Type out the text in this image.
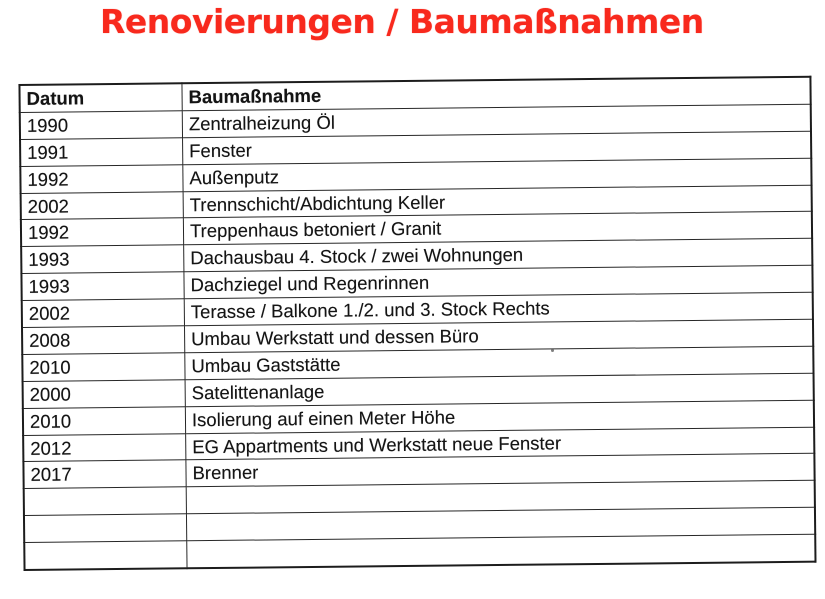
Renovierungen / Baumaßnahmen
Datum	Baumaßnahme
1990	Zentralheizung Öl
1991	Fenster
1992	Außenputz
2002	Trennschicht/Abdichtung Keller
1992	Treppenhaus betoniert / Granit
1993	Dachausbau 4. Stock / zwei Wohnungen
1993	Dachziegel und Regenrinnen
2002	Terasse / Balkone 1./2. und 3. Stock Rechts
2008	Umbau Werkstatt und dessen Büro
2010	Umbau Gaststätte
2000	Satelittenanlage
2010	Isolierung auf einen Meter Höhe
2012	EG Appartments und Werkstatt neue Fenster
2017	Brenner
